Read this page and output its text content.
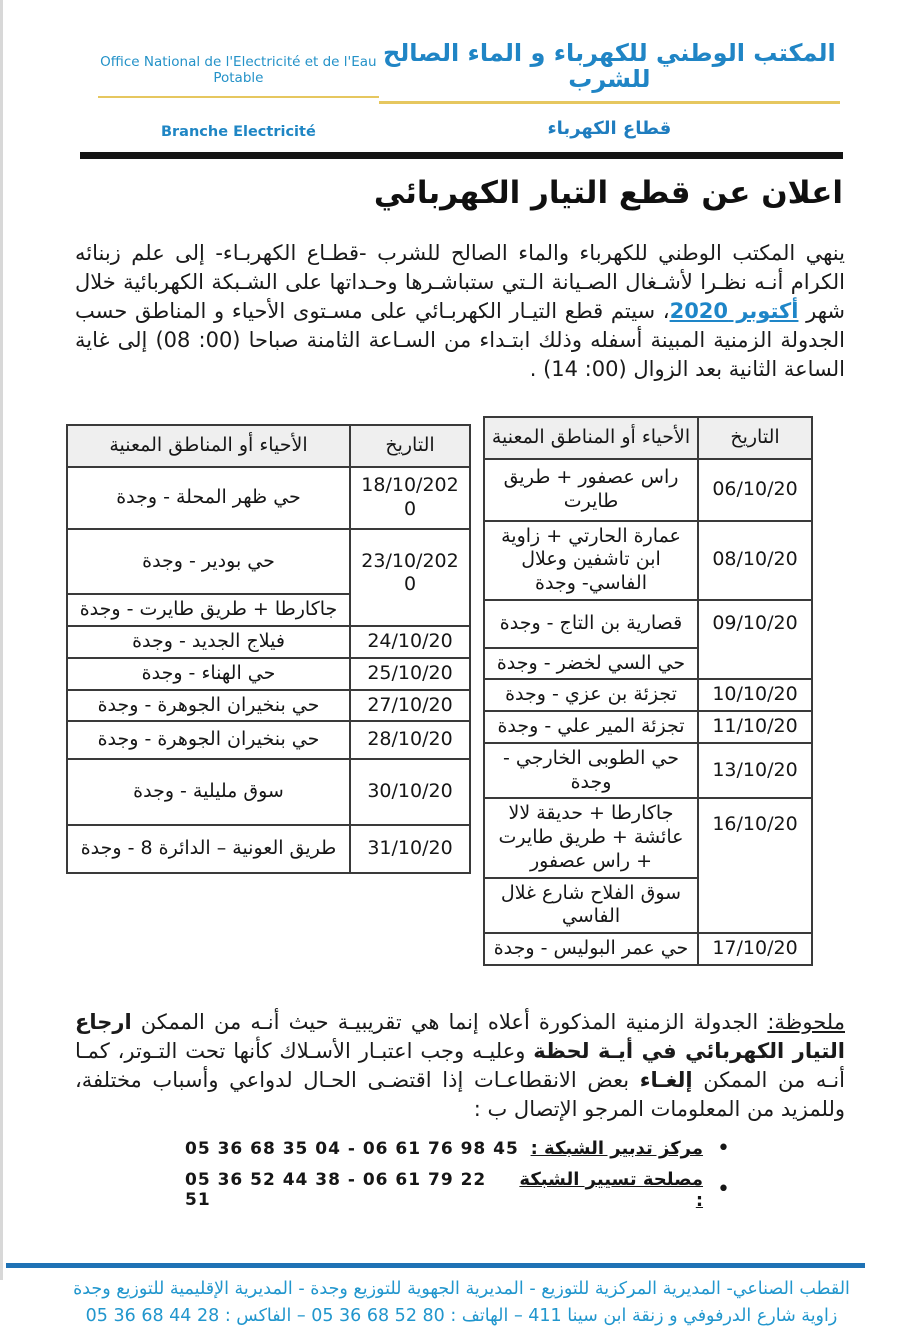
المكتب الوطني للكهرباء و الماء الصالح للشرب
قطاع الكهرباء
Office National de l'Electricité et de l'Eau Potable
Branche Electricité
اعلان عن قطع التيار الكهربائي

ينهي المكتب الوطني للكهرباء والماء الصالح للشرب -قطـاع الكهربـاء- إلى علم زبنائه الكرام أنـه نظـرا لأشـغال الصـيانة الـتي ستباشـرها وحـداتها على الشـبكة الكهربائية خلال شهر أكتوبر 2020، سيتم قطع التيـار الكهربـائي على مسـتوى الأحياء و المناطق حسب الجدولة الزمنية المبينة أسفله وذلك ابتـداء من السـاعة الثامنة صباحا (08 :00) إلى غاية الساعة الثانية بعد الزوال (14 :00) .

التاريخ	الأحياء أو المناطق المعنية
06/10/20	راس عصفور + طريق طايرت
08/10/20	عمارة الحارتي + زاوية ابن تاشفين وعلال الفاسي- وجدة
09/10/20	قصارية بن التاج - وجدة
	حي السي لخضر - وجدة
10/10/20	تجزئة بن عزي - وجدة
11/10/20	تجزئة المير علي - وجدة
13/10/20	حي الطوبى الخارجي - وجدة
16/10/20	جاكارطا + حديقة لالا عائشة + طريق طايرت + راس عصفور
	سوق الفلاح شارع غلال الفاسي
17/10/20	حي عمر البوليس - وجدة
التاريخ	الأحياء أو المناطق المعنية
18/10/2020	حي ظهر المحلة - وجدة
23/10/2020	حي بودير - وجدة
	جاكارطا + طريق طايرت - وجدة
24/10/20	فيلاج الجديد - وجدة
25/10/20	حي الهناء - وجدة
27/10/20	حي بنخيران الجوهرة - وجدة
28/10/20	حي بنخيران الجوهرة - وجدة
30/10/20	سوق مليلية - وجدة
31/10/20	طريق العونية – الدائرة 8 - وجدة

ملحوظة: الجدولة الزمنية المذكورة أعلاه إنما هي تقريبيـة حيث أنـه من الممكن ارجاع التيار الكهربائي في أيـة لحظة وعليـه وجب اعتبـار الأسـلاك كأنها تحت التـوتر، كمـا أنـه من الممكن إلغـاء بعض الانقطاعـات إذا اقتضـى الحـال لدواعي وأسباب مختلفة، وللمزيد من المعلومات المرجو الإتصال ب :

•
مركز تدبير الشبكة :
05 36 68 35 04 - 06 61 76 98 45
•
مصلحة تسيير الشبكة :
05 36 52 44 38 - 06 61 79 22 51
القطب الصناعي- المديرية المركزية للتوزيع - المديرية الجهوية للتوزيع وجدة - المديرية الإقليمية للتوزيع وجدة
زاوية شارع الدرفوفي و زنقة ابن سينا 411 – الهاتف : 05 36 68 52 80 – الفاكس : 05 36 68 44 28
